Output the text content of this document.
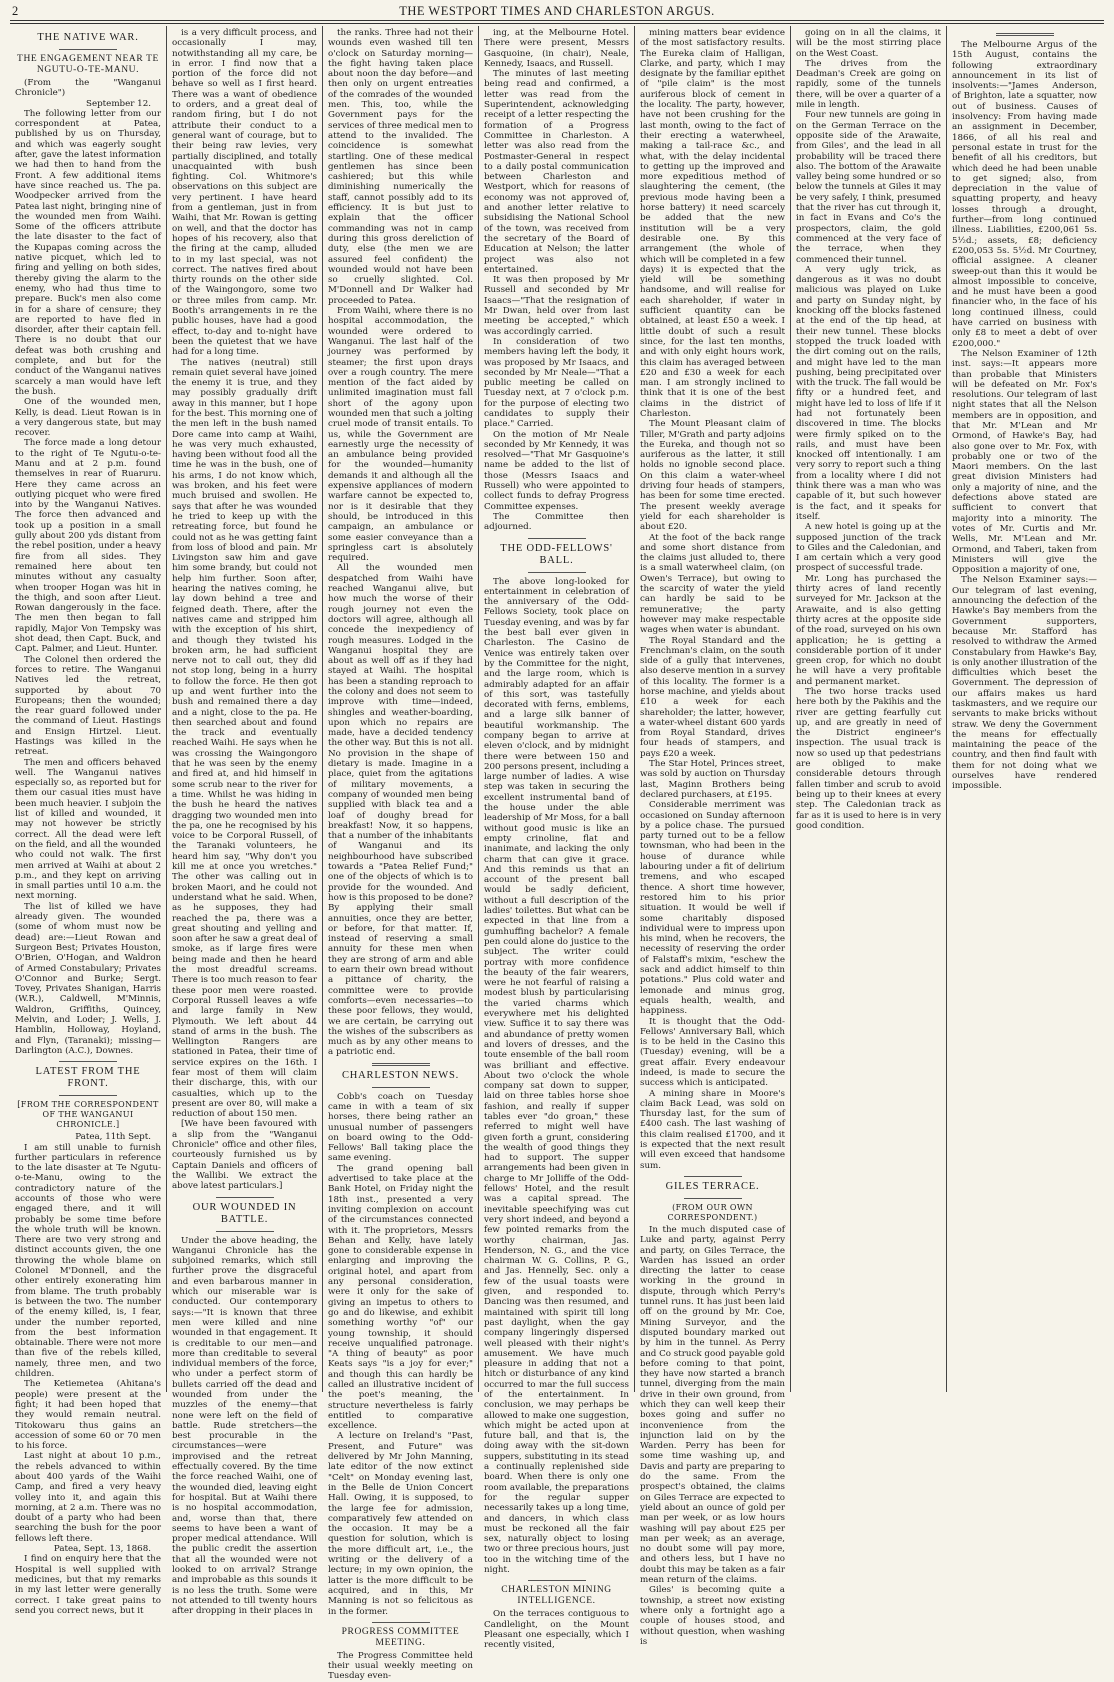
2	THE WESTPORT TIMES AND CHARLESTON ARGUS.
THE NATIVE WAR.
THE ENGAGEMENT NEAR TE NGUTU-O-TE-MANU.

(From the "Wanganui Chronicle")

September 12.

The following letter from our correspondent at Patea, published by us on Thursday, and which was eagerly sought after, gave the latest information we had then to hand from the Front. A few additional items have since reached us. The pa. Woodpecker arrived from the Patea last night, bringing nine of the wounded men from Waihi. Some of the officers attribute the late disaster to the fact of the Kupapas coming across the native picquet, which led to firing and yelling on both sides, thereby giving the alarm to the enemy, who had thus time to prepare. Buck's men also come in for a share of censure; they are reported to have fled in disorder, after their captain fell. There is no doubt that our defeat was both crushing and complete, and but for the conduct of the Wanganui natives scarcely a man would have left the bush.

One of the wounded men, Kelly, is dead. Lieut Rowan is in a very dangerous state, but may recover.

The force made a long detour to the right of Te Ngutu-o-te-Manu and at 2 p.m. found themselves in rear of Ruaruru. Here they came across an outlying picquet who were fired into by the Wanganui Natives. The force then advanced and took up a position in a small gully about 200 yds distant from the rebel position, under a heavy fire from all sides. They remained here about ten minutes without any casualty when trooper Hogan was hit in the thigh, and soon after Lieut. Rowan dangerously in the face. The men then began to fall rapidly, Major Von Tempsky was shot dead, then Capt. Buck, and Capt. Palmer, and Lieut. Hunter.

The Colonel then ordered the forces to retire. The Wanganui Natives led the retreat, supported by about 70 Europeans; then the wounded; the rear guard followed under the command of Lieut. Hastings and Ensign Hirtzel. Lieut. Hastings was killed in the retreat.

The men and officers behaved well. The Wanganui natives especially so, as reported but for them our casual ities must have been much heavier. I subjoin the list of killed and wounded, it may not however be strictly correct. All the dead were left on the field, and all the wounded who could not walk. The first men arrived at Waihi at about 2 p.m., and they kept on arriving in small parties until 10 a.m. the next morning.

The list of killed we have already given. The wounded (some of whom must now be dead) are:—Lieut Rowan and Surgeon Best; Privates Houston, O'Brien, O'Hogan, and Waldron of Armed Constabulary; Privates O'Connor and Burke; Sergt. Tovey, Privates Shanigan, Harris (W.R.), Caldwell, M'Minnis, Waldron, Griffiths, Quincey, Melvin, and Loder; J. Wells, J. Hamblin, Holloway, Hoyland, and Flyn, (Taranaki); missing—Darlington (A.C.), Downes.

LATEST FROM THE FRONT.
[FROM THE CORRESPONDENT OF THE WANGANUI CHRONICLE.]
Patea, 11th Sept.

I am still unable to furnish further particulars in reference to the late disaster at Te Ngutu-o-te-Manu, owing to the contradictory nature of the accounts of those who were engaged there, and it will probably be some time before the whole truth will be known. There are two very strong and distinct accounts given, the one throwing the whole blame on Colonel M'Donnell, and the other entirely exonerating him from blame. The truth probably is between the two. The number of the enemy killed, is, I fear, under the number reported, from the best information obtainable. There were not more than five of the rebels killed, namely, three men, and two children.

The Ketiemetea (Ahitana's people) were present at the fight; it had been hoped that they would remain neutral. Titokowaru thus gains an accession of some 60 or 70 men to his force.

Last night at about 10 p.m., the rebels advanced to within about 400 yards of the Waihi Camp, and fired a very heavy volley into it, and again this morning, at 2 a.m. There was no doubt of a party who had been searching the bush for the poor fellows left there.

Patea, Sept. 13, 1868.

I find on enquiry here that the Hospital is well supplied with medicines, but that my remarks in my last letter were generally correct. I take great pains to send you correct news, but it

is a very difficult process, and occasionally I may, notwithstanding all my care, be in error. I find now that a portion of the force did not behave so well as I first heard. There was a want of obedience to orders, and a great deal of random firing, but I do not attribute their conduct to a general want of courage, but to their being raw levies, very partially disciplined, and totally unacquainted with bush fighting. Col. Whitmore's observations on this subject are very pertinent. I have heard from a gentleman, just in from Waihi, that Mr. Rowan is getting on well, and that the doctor has hopes of his recovery, also that the firing at the camp, alluded to in my last special, was not correct. The natives fired about thirty rounds on the other side of the Waingongoro, some two or three miles from camp. Mr. Booth's arrangements in re the public houses, have had a good effect, to-day and to-night have been the quietest that we have had for a long time.

The natives (neutral) still remain quiet several have joined the enemy it is true, and they may possibly gradually drift away in this manner, but I hope for the best. This morning one of the men left in the bush named Dore came into camp at Waihi, he was very much exhausted, having been without food all the time he was in the bush, one of his arms, I do not know which, was broken, and his feet were much bruised and swollen. He says that after he was wounded he tried to keep up with the retreating force, but found he could not as he was getting faint from loss of blood and pain. Mr Livingston saw him and gave him some brandy, but could not help him further. Soon after, hearing the natives coming, he lay down behind a tree and feigned death. There, after the natives came and stripped him with the exception of his shirt, and though they twisted his broken arm, he had sufficient nerve not to call out, they did not stop long, being in a hurry to follow the force. He then got up and went further into the bush and remained there a day and a night, close to the pa. He then searched about and found the track and eventually reached Waihi. He says when he was crossing the Waingongoro that he was seen by the enemy and fired at, and hid himself in some scrub near to the river for a time. Whilst he was hiding in the bush he heard the natives dragging two wounded men into the pa, one he recognised by his voice to be Corporal Russell, of the Taranaki volunteers, he heard him say, "Why don't you kill me at once you wretches." The other was calling out in broken Maori, and he could not understand what he said. When, as he supposes, they had reached the pa, there was a great shouting and yelling and soon after he saw a great deal of smoke, as if large fires were being made and then he heard the most dreadful screams. There is too much reason to fear these poor men were roasted. Corporal Russell leaves a wife and large family in New Plymouth. We left about 44 stand of arms in the bush. The Wellington Rangers are stationed in Patea, their time of service expires on the 16th. I fear most of them will claim their discharge, this, with our casualties, which up to the present are over 80, will make a reduction of about 150 men.

[We have been favoured with a slip from the "Wanganui Chronicle" office and other files, courteously furnished us by Captain Daniels and officers of the Wallibi. We extract the above latest particulars.]

OUR WOUNDED IN BATTLE.

Under the above heading, the Wanganui Chronicle has the subjoined remarks, which still further prove the disgraceful and even barbarous manner in which our miserable war is conducted. Our contemporary says:—"It is known that three men were killed and nine wounded in that engagement. It is creditable to our men—and more than creditable to several individual members of the force, who under a perfect storm of bullets carried off the dead and wounded from under the muzzles of the enemy—that none were left on the field of battle. Rude stretchers—the best procurable in the circumstances—were improvised and the retreat effectually covered. By the time the force reached Waihi, one of the wounded died, leaving eight for hospital. But at Waihi there is no hospital accommodation, and, worse than that, there seems to have been a want of proper medical attendance. Will the public credit the assertion that all the wounded were not looked to on arrival? Strange and improbable as this sounds it is no less the truth. Some were not attended to till twenty hours after dropping in their places in

the ranks. Three had not their wounds even washed till ten o'clock on Saturday morning—the fight having taken place about noon the day before—and then only on urgent entreaties of the comrades of the wounded men. This, too, while the Government pays for the services of three medical men to attend to the invalided. The coincidence is somewhat startling. One of these medical gentlemen has since been cashiered; but this while diminishing numerically the staff, cannot possibly add to its efficiency. It is but just to explain that the officer commanding was not in camp during this gross dereliction of duty, else (the men we are assured feel confident) the wounded would not have been so cruelly slighted. Col. M'Donnell and Dr Walker had proceeded to Patea.

From Waihi, where there is no hospital accommodation, the wounded were ordered to Wanganui. The last half of the journey was performed by steamer; the first upon drays over a rough country. The mere mention of the fact aided by unlimited imagination must fall short of the agony upon wounded men that such a jolting cruel mode of transit entails. To us, while the Government are earnestly urge the necessity of an ambulance being provided for the wounded—humanity demands it and although all the expensive appliances of modern warfare cannot be expected to, nor is it desirable that they should, be introduced in this campaign, an ambulance or some easier conveyance than a springless cart is absolutely required.

All the wounded men despatched from Waihi have reached Wanganui alive, but how much the worse of their rough journey not even the doctors will agree, although all concede the inexpediency of rough measures. Lodged in the Wanganui hospital they are about as well off as if they had stayed at Waihi. The hospital has been a standing reproach to the colony and does not seem to improve with time—indeed, shingles and weather-boarding, upon which no repairs are made, have a decided tendency the other way. But this is not all. No provision in the shape of dietary is made. Imagine in a place, quiet from the agitations of military movements, a company of wounded men being supplied with black tea and a loaf of doughy bread for breakfast! Now, it so happens, that a number of the inhabitants of Wanganui and its neighbourhood have subscribed towards a "Patea Relief Fund;" one of the objects of which is to provide for the wounded. And how is this proposed to be done? By applying their small annuities, once they are better, or before, for that matter. If, instead of reserving a small annuity for these men when they are strong of arm and able to earn their own bread without a pittance of charity, the committee were to provide comforts—even necessaries—to these poor fellows, they would, we are certain, be carrying out the wishes of the subscribers as much as by any other means to a patriotic end.

CHARLESTON NEWS.

Cobb's coach on Tuesday came in with a team of six horses, there being rather an unusual number of passengers on board owing to the Odd-Fellows' Ball taking place the same evening.

The grand opening ball advertised to take place at the Bank Hotel, on Friday night the 18th inst., presented a very inviting complexion on account of the circumstances connected with it. The proprietors, Messrs Behan and Kelly, have lately gone to considerable expense in enlarging and improving the original hotel, and apart from any personal consideration, were it only for the sake of giving an impetus to others to go and do likewise, and exhibit something worthy "of" our young township, it should receive unqualified patronage. "A thing of beauty" as poor Keats says "is a joy for ever;" and though this can hardly be called an illustrative incident of the poet's meaning, the structure nevertheless is fairly entitled to comparative excellence.

A lecture on Ireland's "Past, Present, and Future" was delivered by Mr John Manning, late editor of the now extinct "Celt" on Monday evening last, in the Belle de Union Concert Hall. Owing, it is supposed, to the large fee for admission, comparatively few attended on the occasion. It may be a question for solution, which is the more difficult art, i.e., the writing or the delivery of a lecture; in my own opinion, the latter is the more difficult to be acquired, and in this, Mr Manning is not so felicitous as in the former.

PROGRESS COMMITTEE MEETING.

The Progress Committee held their usual weekly meeting on Tuesday even-

ing, at the Melbourne Hotel. There were present, Messrs Gasquoine, (in chair), Neale, Kennedy, Isaacs, and Russell.

The minutes of last meeting being read and confirmed, a letter was read from the Superintendent, acknowledging receipt of a letter respecting the formation of a Progress Committee in Charleston. A letter was also read from the Postmaster-General in respect to a daily postal communication between Charleston and Westport, which for reasons of economy was not approved of, and another letter relative to subsidising the National School of the town, was received from the secretary of the Board of Education at Nelson; the latter project was also not entertained.

It was then proposed by Mr Russell and seconded by Mr Isaacs—"That the resignation of Mr Dwan, held over from last meeting be accepted," which was accordingly carried.

In consideration of two members having left the body, it was proposed by Mr Isaacs, and seconded by Mr Neale—"That a public meeting be called on Tuesday next, at 7 o'clock p.m. for the purpose of electing two candidates to supply their place." Carried.

On the motion of Mr Neale seconded by Mr Kennedy, it was resolved—"That Mr Gasquoine's name be added to the list of those (Messrs Isaacs and Russell) who were appointed to collect funds to defray Progress Committee expenses.

The Committee then adjourned.

THE ODD-FELLOWS' BALL.

The above long-looked for entertainment in celebration of the anniversary of the Odd-Fellows Society, took place on Tuesday evening, and was by far the best ball ever given in Charleston. The Casino de Venice was entirely taken over by the Committee for the night, and the large room, which is admirably adapted for an affair of this sort, was tastefully decorated with ferns, emblems, and a large silk banner of beautiful workmanship. The company began to arrive at eleven o'clock, and by midnight there were between 150 and 200 persons present, including a large number of ladies. A wise step was taken in securing the excellent instrumental band of the house under the able leadership of Mr Moss, for a ball without good music is like an empty crinoline, flat and inanimate, and lacking the only charm that can give it grace. And this reminds us that an account of the present ball would be sadly deficient, without a full description of the ladies' toilettes. But what can be expected in that line from a gumhuffing bachelor? A female pen could alone do justice to the subject. The writer could portray with more confidence the beauty of the fair wearers, were he not fearful of raising a modest blush by particularising the varied charms which everywhere met his delighted view. Suffice it to say there was and abundance of pretty women and lovers of dresses, and the toute ensemble of the ball room was brilliant and effective. About two o'clock the whole company sat down to supper, laid on three tables horse shoe fashion, and really if supper tables ever "do groan," these referred to might well have given forth a grunt, considering the wealth of good things they had to support. The supper arrangements had been given in charge to Mr Jolliffe of the Odd-fellows' Hotel, and the result was a capital spread. The inevitable speechifying was cut very short indeed, and beyond a few pointed remarks from the worthy chairman, Jas. Henderson, N. G., and the vice chairman W. G. Collins, P. G., and Jas. Hennelly, Sec. only a few of the usual toasts were given, and responded to. Dancing was then resumed, and maintained with spirit till long past daylight, when the gay company lingeringly dispersed well pleased with their night's amusement. We have much pleasure in adding that not a hitch or disturbance of any kind occurred to mar the full success of the entertainment. In conclusion, we may perhaps be allowed to make one suggestion, which might be acted upon at future ball, and that is, the doing away with the sit-down suppers, substituting in its stead a continually replenished side board. When there is only one room available, the preparations for the regular supper necessarily takes up a long time, and dancers, in which class must be reckoned all the fair sex, naturally object to losing two or three precious hours, just too in the witching time of the night.

CHARLESTON MINING INTELLIGENCE.

On the terraces contiguous to Candlelight, on the Mount Pleasant one especially, which I recently visited,

mining matters bear evidence of the most satisfactory results. The Eureka claim of Halligan, Clarke, and party, which I may designate by the familiar epithet of "pile claim" is the most auriferous block of cement in the locality. The party, however, have not been crushing for the last month, owing to the fact of their erecting a waterwheel, making a tail-race &c., and what, with the delay incidental to getting up the improved and more expeditious method of slaughtering the cement, (the previous mode having been a horse battery) it need scarcely be added that the new institution will be a very desirable one. By this arrangement (the whole of which will be completed in a few days) it is expected that the yield will be something handsome, and will realise for each shareholder, if water in sufficient quantity can be obtained, at least £50 a week. I little doubt of such a result since, for the last ten months, and with only eight hours work, this claim has averaged between £20 and £30 a week for each man. I am strongly inclined to think that it is one of the best claims in the district of Charleston.

The Mount Pleasant claim of Tiller, M'Grath and party adjoins the Eureka, and though not so auriferous as the latter, it still holds no ignoble second place. On this claim a water-wheel driving four heads of stampers, has been for some time erected. The present weekly average yield for each shareholder is about £20.

At the foot of the back range and some short distance from the claims just alluded to, there is a small waterwheel claim, (on Owen's Terrace), but owing to the scarcity of water the yield can hardly be said to be remunerative; the party however may make respectable wages when water is abundant.

The Royal Standard and the Frenchman's claim, on the south side of a gully that intervenes, also deserve mention in a survey of this locality. The former is a horse machine, and yields about £10 a week for each shareholder; the latter, however, a water-wheel distant 600 yards from Royal Standard, drives four heads of stampers, and pays £20 a week.

The Star Hotel, Princes street, was sold by auction on Thursday last, Maginn Brothers being declared purchasers, at £195.

Considerable merriment was occasioned on Sunday afternoon by a police chase. The pursued party turned out to be a fellow townsman, who had been in the house of durance while labouring under a fit of delirium tremens, and who escaped thence. A short time however, restored him to his prior situation. It would be well if some charitably disposed individual were to impress upon his mind, when he recovers, the necessity of reserving the order of Falstaff's mixim, "eschew the sack and addict himself to thin potations." Plus cold water and lemonade and minus grog, equals health, wealth, and happiness.

It is thought that the Odd-Fellows' Anniversary Ball, which is to be held in the Casino this (Tuesday) evening, will be a great affair. Every endeavour indeed, is made to secure the success which is anticipated.

A mining share in Moore's claim Back Lead, was sold on Thursday last, for the sum of £400 cash. The last washing of this claim realised £1700, and it is expected that the next result will even exceed that handsome sum.

GILES TERRACE.
(FROM OUR OWN CORRESPONDENT.)

In the much disputed case of Luke and party, against Perry and party, on Giles Terrace, the Warden has issued an order directing the latter to cease working in the ground in dispute, through which Perry's tunnel runs. It has just been laid off on the ground by Mr. Coe, Mining Surveyor, and the disputed boundary marked out by him in the tunnel. As Perry and Co struck good payable gold before coming to that point, they have now started a branch tunnel, diverging from the main drive in their own ground, from which they can well keep their boxes going and suffer no inconvenience from the injunction laid on by the Warden. Perry has been for some time washing up, and Davis and party are preparing to do the same. From the prospect's obtained, the claims on Giles Terrace are expected to yield about an ounce of gold per man per week, or as low hours washing will pay about £25 per man per week; as an average, no doubt some will pay more, and others less, but I have no doubt this may be taken as a fair mean return of the claims.

Giles' is becoming quite a township, a street now existing where only a fortnight ago a couple of houses stood, and without question, when washing is

going on in all the claims, it will be the most stirring place on the West Coast.

The drives from the Deadman's Creek are going on rapidly, some of the tunnels there, will be over a quarter of a mile in length.

Four new tunnels are going in on the German Terrace on the opposite side of the Arawaite, from Giles', and the lead in all probability will be traced there also. The bottom of the Arawaite valley being some hundred or so below the tunnels at Giles it may be very safely, I think, presumed that the river has cut through it, in fact in Evans and Co's the prospectors, claim, the gold commenced at the very face of the terrace, when they commenced their tunnel.

A very ugly trick, as dangerous as it was no doubt malicious was played on Luke and party on Sunday night, by knocking off the blocks fastened at the end of the tip head, at their new tunnel. These blocks stopped the truck loaded with the dirt coming out on the rails, and might have led to the man pushing, being precipitated over with the truck. The fall would be fifty or a hundred feet, and might have led to loss of life if it had not fortunately been discovered in time. The blocks were firmly spiked on to the rails, and must have been knocked off intentionally. I am very sorry to report such a thing from a locality where I did not think there was a man who was capable of it, but such however is the fact, and it speaks for itself.

A new hotel is going up at the supposed junction of the track to Giles and the Caledonian, and I am certain which a very good prospect of successful trade.

Mr. Long has purchased the thirty acres of land recently surveyed for Mr. Jackson at the Arawaite, and is also getting thirty acres at the opposite side of the road, surveyed on his own application; he is getting a considerable portion of it under green crop, for which no doubt he will have a very profitable and permanent market.

The two horse tracks used here both by the Pakihis and the river are getting fearfully cut up, and are greatly in need of the District engineer's inspection. The usual track is now so used up that pedestrians are obliged to make considerable detours through fallen timber and scrub to avoid being up to their knees at every step. The Caledonian track as far as it is used to here is in very good condition.

The Melbourne Argus of the 15th August, contains the following extraordinary announcement in its list of insolvents:—"James Anderson, of Brighton, late a squatter, now out of business. Causes of insolvency: From having made an assignment in December, 1866, of all his real and personal estate in trust for the benefit of all his creditors, but which deed he had been unable to get signed; also, from depreciation in the value of squatting property, and heavy losses through a drought, further—from long continued illness. Liabilities, £200,061 5s. 5½d.; assets, £8; deficiency £200,053 5s. 5½d. Mr Courtney, official assignee. A cleaner sweep-out than this it would be almost impossible to conceive, and he must have been a good financier who, in the face of his long continued illness, could have carried on business with only £8 to meet a debt of over £200,000."

The Nelson Examiner of 12th inst. says:—It appears more than probable that Ministers will be defeated on Mr. Fox's resolutions. Our telegram of last night states that all the Nelson members are in opposition, and that Mr. M'Lean and Mr Ormond, of Hawke's Bay, had also gone over to Mr. Fox, with probably one or two of the Maori members. On the last great division Ministers had only a majority of nine, and the defections above stated are sufficient to convert that majority into a minority. The votes of Mr. Curtis and Mr. Wells, Mr. M'Lean and Mr. Ormond, and Taberi, taken from Ministers will give the Opposition a majority of one,

The Nelson Examiner says:—Our telegram of last evening, announcing the defection of the Hawke's Bay members from the Government supporters, because Mr. Stafford has resolved to withdraw the Armed Constabulary from Hawke's Bay, is only another illustration of the difficulties which beset the Government. The depression of our affairs makes us hard taskmasters, and we require our servants to make bricks without straw. We deny the Government the means for effectually maintaining the peace of the country, and then find fault with them for not doing what we ourselves have rendered impossible.
